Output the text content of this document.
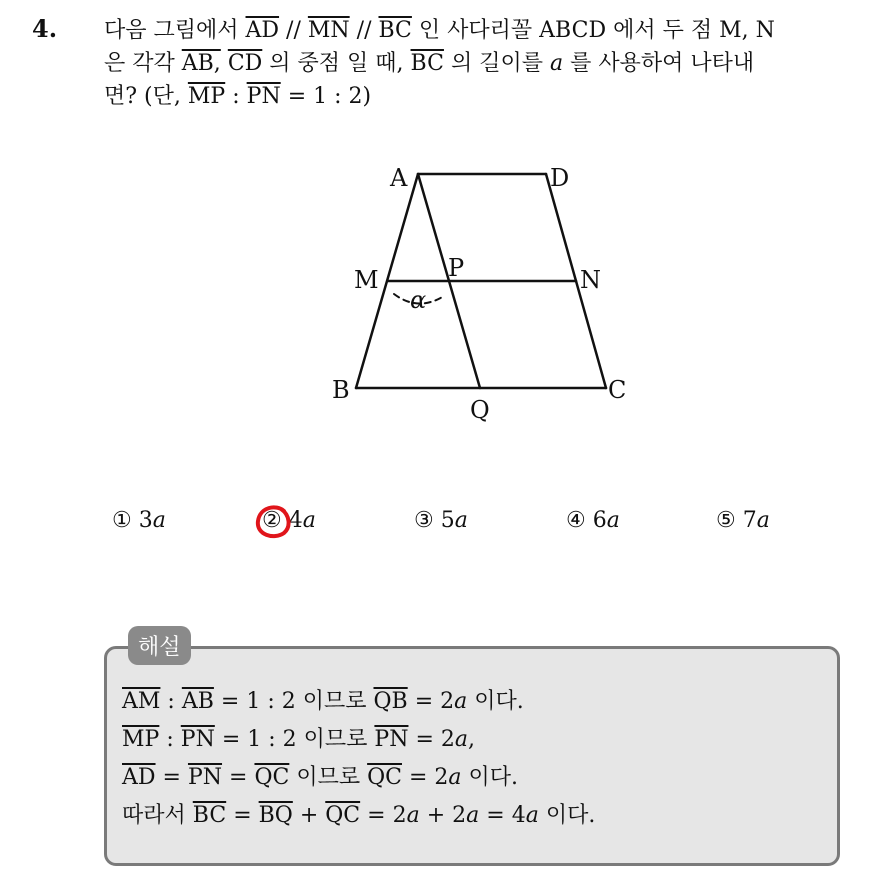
4. 다음 그림에서 $\overline{AD} // \overline{MN} // \overline{BC}$ 인 사다리꼴 ABCD 에서 두 점 M, N
은 각각 AB, $\overline{CD}$ 의 중점 일 때, $\overline{BC}$ 의 길이를 a 를 사용하여 나타내
면? (단, $\overline{MP}$ : $\overline{PN} = 1$ : 2)
A	D
M	P	N
α
B	C
Q
① 3a	② 4a	③ 5a	④ 6a	⑤ 7a
해설
$\overline{AM}$ : $\overline{AB} = 1$ : 2 이므로 $\overline{QB} = 2a$ 이다.
$\overline{MP}$ : $\overline{PN} = 1$ : 2 이므로 $\overline{PN} = 2a$,
$\overline{AD} = \overline{PN} = \overline{QC}$ 이므로 $\overline{QC} = 2a$ 이다.
따라서 $\overline{BC} = \overline{BQ} + \overline{QC} = 2a + 2a = 4a$ 이다.
